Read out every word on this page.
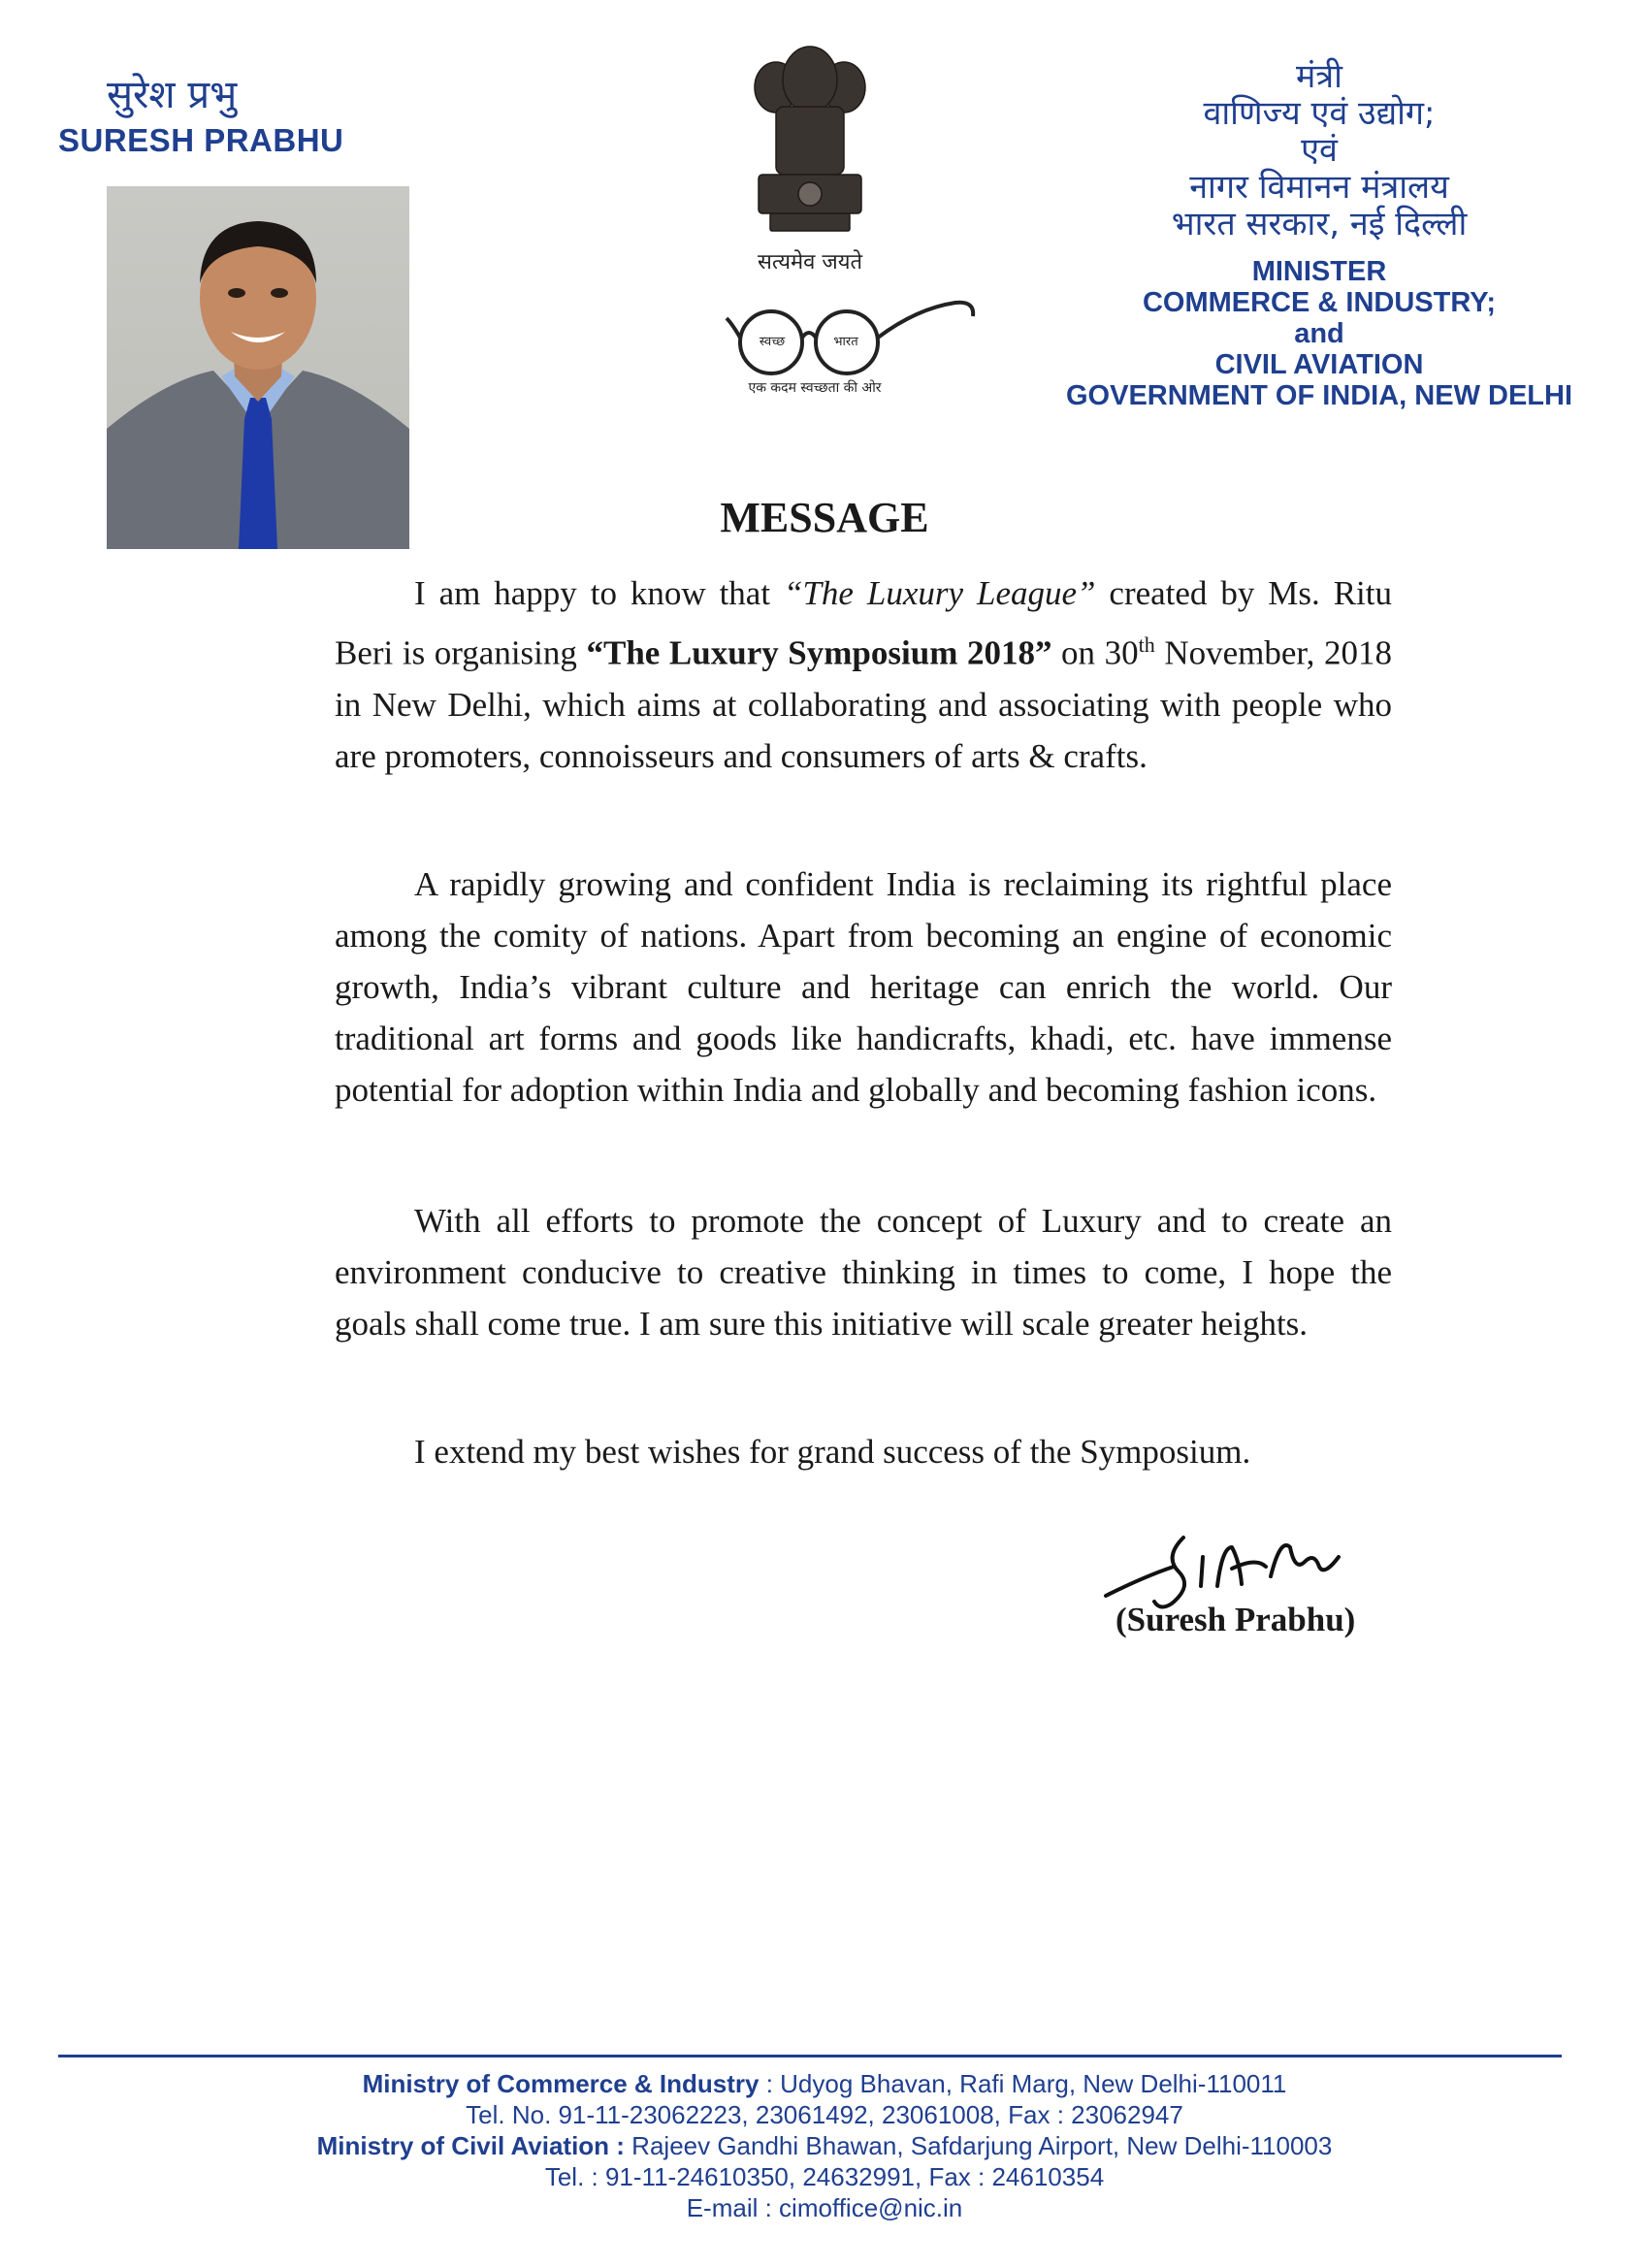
सुरेश प्रभु
SURESH PRABHU
सत्यमेव जयते
स्वच्छ	भारत
एक कदम स्वच्छता की ओर
मंत्री
वाणिज्य एवं उद्योग;
एवं
नागर विमानन मंत्रालय
भारत सरकार, नई दिल्ली
MINISTER
COMMERCE & INDUSTRY;
and
CIVIL AVIATION
GOVERNMENT OF INDIA, NEW DELHI
MESSAGE
I am happy to know that “The Luxury League” created by Ms. Ritu Beri is organising “The Luxury Symposium 2018” on 30th November, 2018 in New Delhi, which aims at collaborating and associating with people who are promoters, connoisseurs and consumers of arts & crafts.
A rapidly growing and confident India is reclaiming its rightful place among the comity of nations. Apart from becoming an engine of economic growth, India’s vibrant culture and heritage can enrich the world. Our traditional art forms and goods like handicrafts, khadi, etc. have immense potential for adoption within India and globally and becoming fashion icons.
With all efforts to promote the concept of Luxury and to create an environment conducive to creative thinking in times to come, I hope the goals shall come true. I am sure this initiative will scale greater heights.
I extend my best wishes for grand success of the Symposium.
(Suresh Prabhu)
Ministry of Commerce & Industry : Udyog Bhavan, Rafi Marg, New Delhi-110011
Tel. No. 91-11-23062223, 23061492, 23061008, Fax : 23062947
Ministry of Civil Aviation : Rajeev Gandhi Bhawan, Safdarjung Airport, New Delhi-110003
Tel. : 91-11-24610350, 24632991, Fax : 24610354
E-mail : cimoffice@nic.in
